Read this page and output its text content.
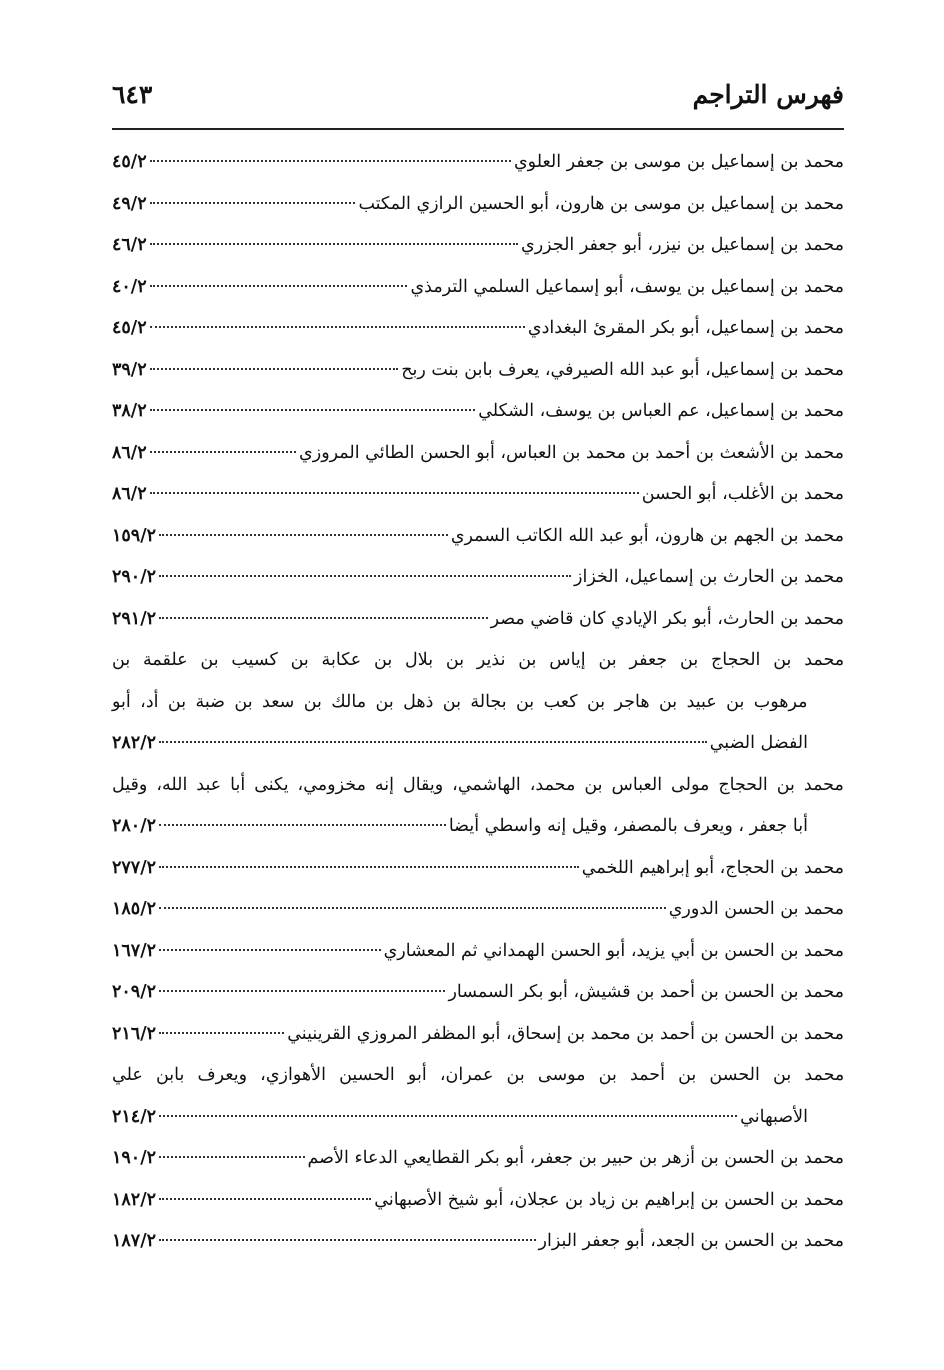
فهرس التراجم
٦٤٣
محمد بن إسماعيل بن موسى بن جعفر العلوي
٤٥/٢
محمد بن إسماعيل بن موسى بن هارون، أبو الحسين الرازي المكتب
٤٩/٢
محمد بن إسماعيل بن نيزر، أبو جعفر الجزري
٤٦/٢
محمد بن إسماعيل بن يوسف، أبو إسماعيل السلمي الترمذي
٤٠/٢
محمد بن إسماعيل، أبو بكر المقرئ البغدادي
٤٥/٢
محمد بن إسماعيل، أبو عبد الله الصيرفي، يعرف بابن بنت ربح
٣٩/٢
محمد بن إسماعيل، عم العباس بن يوسف، الشكلي
٣٨/٢
محمد بن الأشعث بن أحمد بن محمد بن العباس، أبو الحسن الطائي المروزي
٨٦/٢
محمد بن الأغلب، أبو الحسن
٨٦/٢
محمد بن الجهم بن هارون، أبو عبد الله الكاتب السمري
١٥٩/٢
محمد بن الحارث بن إسماعيل، الخزاز
٢٩٠/٢
محمد بن الحارث، أبو بكر الإيادي كان قاضي مصر
٢٩١/٢
محمد بن الحجاج بن جعفر بن إياس بن نذير بن بلال بن عكابة بن كسيب بن علقمة بن
مرهوب بن عبيد بن هاجر بن كعب بن بجالة بن ذهل بن مالك بن سعد بن ضبة بن أد، أبو
الفضل الضبي
٢٨٢/٢
محمد بن الحجاج مولى العباس بن محمد، الهاشمي، ويقال إنه مخزومي، يكنى أبا عبد الله، وقيل
أبا جعفر ، ويعرف بالمصفر، وقيل إنه واسطي أيضا
٢٨٠/٢
محمد بن الحجاج، أبو إبراهيم اللخمي
٢٧٧/٢
محمد بن الحسن الدوري
١٨٥/٢
محمد بن الحسن بن أبي يزيد، أبو الحسن الهمداني ثم المعشاري
١٦٧/٢
محمد بن الحسن بن أحمد بن قشيش، أبو بكر السمسار
٢٠٩/٢
محمد بن الحسن بن أحمد بن محمد بن إسحاق، أبو المظفر المروزي القرينيني
٢١٦/٢
محمد بن الحسن بن أحمد بن موسى بن عمران، أبو الحسين الأهوازي، ويعرف بابن علي
الأصبهاني
٢١٤/٢
محمد بن الحسن بن أزهر بن حبير بن جعفر، أبو بكر القطايعي الدعاء الأصم
١٩٠/٢
محمد بن الحسن بن إبراهيم بن زياد بن عجلان، أبو شيخ الأصبهاني
١٨٢/٢
محمد بن الحسن بن الجعد، أبو جعفر البزار
١٨٧/٢
